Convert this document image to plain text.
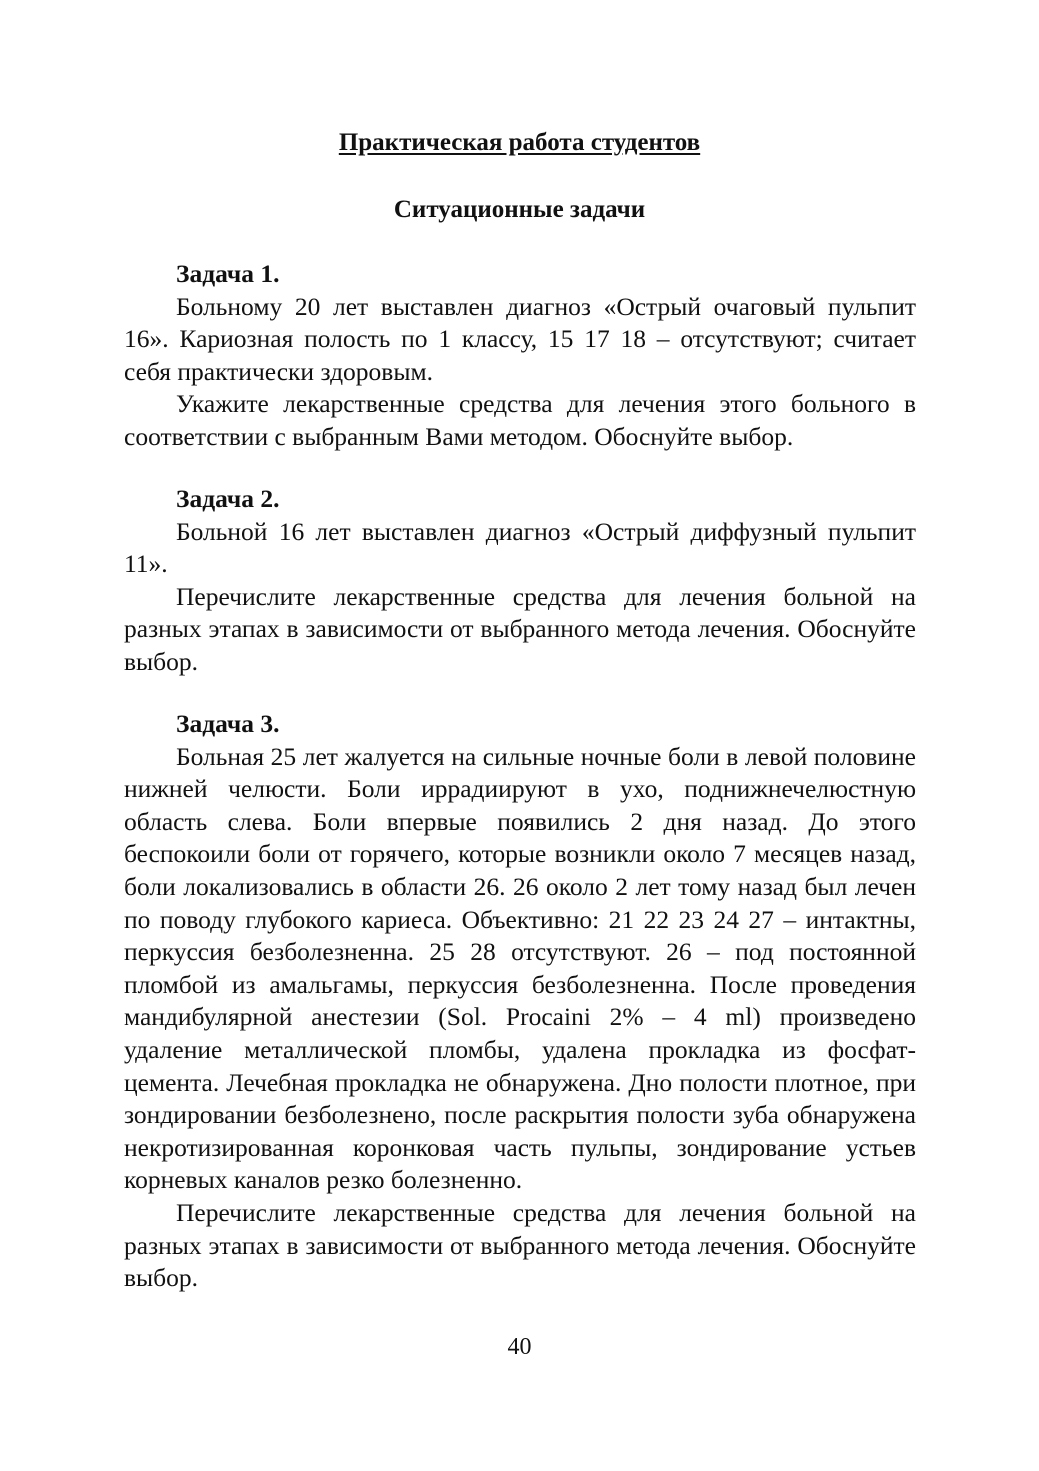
Практическая работа студентов
Ситуационные задачи
Задача 1.

Больному 20 лет выставлен диагноз «Острый очаговый пульпит 16». Кариозная полость по 1 классу, 15 17 18 – отсутствуют; считает себя практически здоровым.

Укажите лекарственные средства для лечения этого больного в соответствии с выбранным Вами методом. Обоснуйте выбор.

Задача 2.

Больной 16 лет выставлен диагноз «Острый диффузный пульпит 11».

Перечислите лекарственные средства для лечения больной на разных этапах в зависимости от выбранного метода лечения. Обоснуйте выбор.

Задача 3.

Больная 25 лет жалуется на сильные ночные боли в левой половине нижней челюсти. Боли иррадиируют в ухо, поднижнечелюстную область слева. Боли впервые появились 2 дня назад. До этого беспокоили боли от горячего, которые возникли около 7 месяцев назад, боли локализовались в области 26. 26 около 2 лет тому назад был лечен по поводу глубокого кариеса. Объективно: 21 22 23 24 27 – интактны, перкуссия безболезненна. 25 28 отсутствуют. 26 – под постоянной пломбой из амальгамы, перкуссия безболезненна. После проведения мандибулярной анестезии (Sol. Procaini 2% – 4 ml) произведено удаление металлической пломбы, удалена прокладка из фосфат-цемента. Лечебная прокладка не обнаружена. Дно полости плотное, при зондировании безболезнено, после раскрытия полости зуба обнаружена некротизированная коронковая часть пульпы, зондирование устьев корневых каналов резко болезненно.

Перечислите лекарственные средства для лечения больной на разных этапах в зависимости от выбранного метода лечения. Обоснуйте выбор.

40
